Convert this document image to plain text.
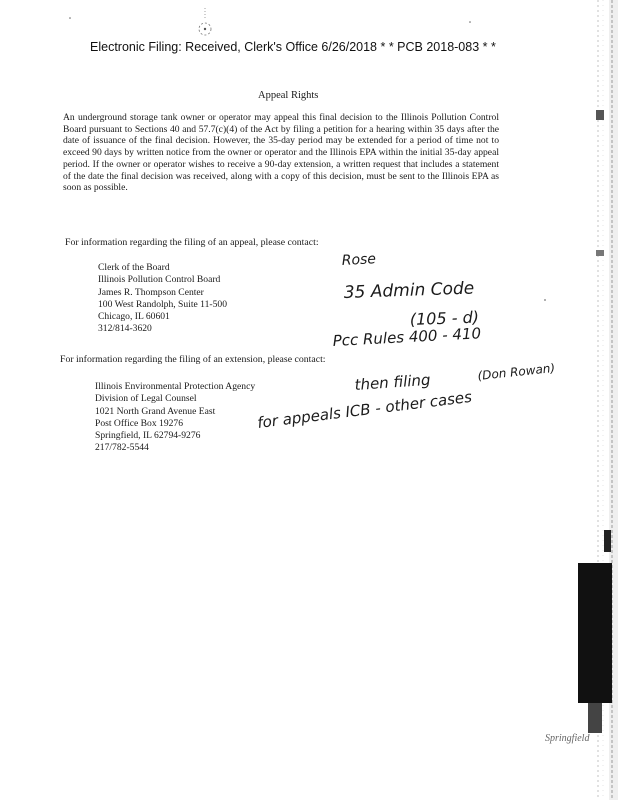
Electronic Filing: Received, Clerk's Office 6/26/2018 * * PCB 2018-083 * *
Appeal Rights
An underground storage tank owner or operator may appeal this final decision to the Illinois Pollution Control Board pursuant to Sections 40 and 57.7(c)(4) of the Act by filing a petition for a hearing within 35 days after the date of issuance of the final decision. However, the 35-day period may be extended for a period of time not to exceed 90 days by written notice from the owner or operator and the Illinois EPA within the initial 35-day appeal period. If the owner or operator wishes to receive a 90-day extension, a written request that includes a statement of the date the final decision was received, along with a copy of this decision, must be sent to the Illinois EPA as soon as possible.
For information regarding the filing of an appeal, please contact:
Clerk of the Board
Illinois Pollution Control Board
James R. Thompson Center
100 West Randolph, Suite 11-500
Chicago, IL 60601
312/814-3620
For information regarding the filing of an extension, please contact:
Illinois Environmental Protection Agency
Division of Legal Counsel
1021 North Grand Avenue East
Post Office Box 19276
Springfield, IL 62794-9276
217/782-5544
Rose
35 Admin Code
(105 - d)
Pcc Rules 400 - 410
then filing	(Don Rowan)
for appeals ICB - other cases
Springfield
